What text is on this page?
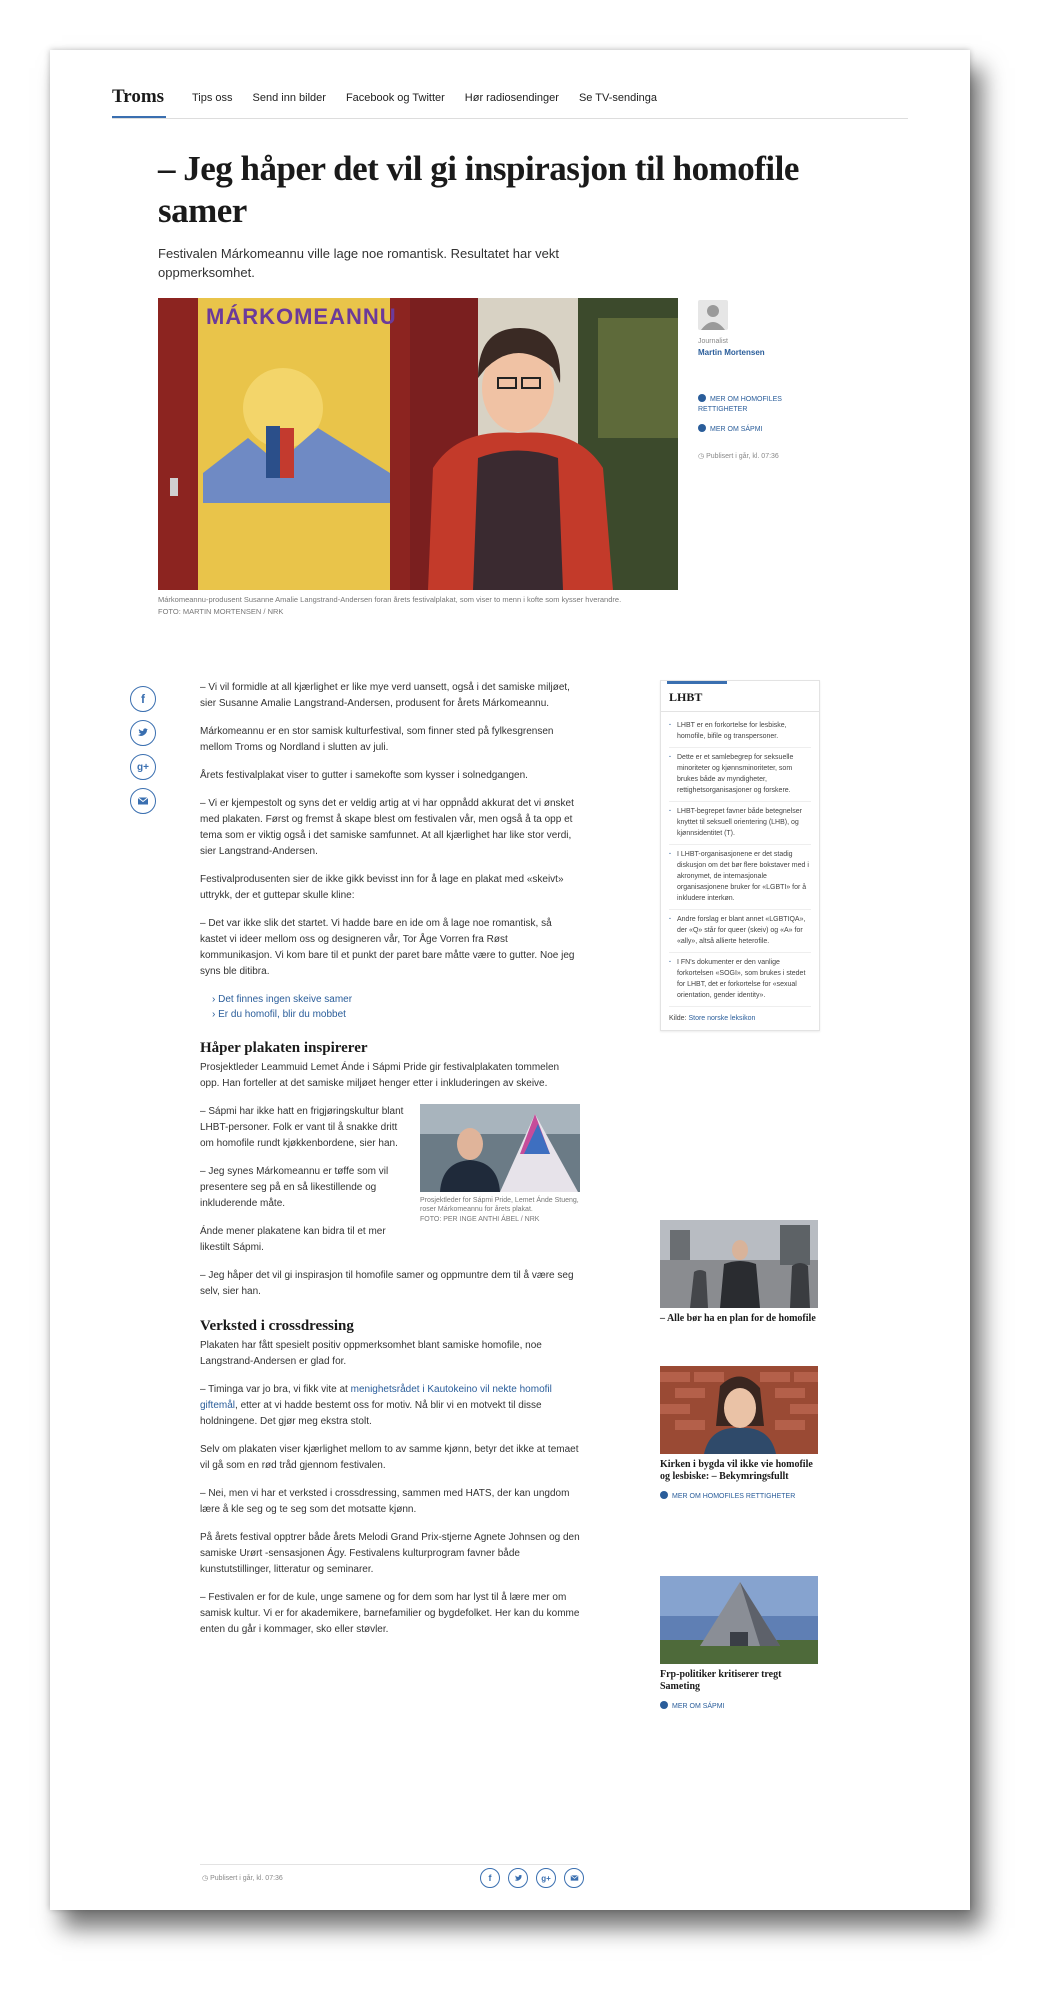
Troms	Tips oss Send inn bilder Facebook og Twitter Hør radiosendinger Se TV-sendinga
– Jeg håper det vil gi inspirasjon til homofile samer
Festivalen Márkomeannu ville lage noe romantisk. Resultatet har vekt oppmerksomhet.
MÁRKOMEANNU
Márkomeannu-produsent Susanne Amalie Langstrand-Andersen foran årets festivalplakat, som viser to menn i kofte som kysser hverandre.
FOTO: MARTIN MORTENSEN / NRK
Journalist
Martin Mortensen
MER OM HOMOFILES RETTIGHETER
MER OM SÁPMI
◷ Publisert i går, kl. 07:36
f
g+

– Vi vil formidle at all kjærlighet er like mye verd uansett, også i det samiske miljøet, sier Susanne Amalie Langstrand-Andersen, produsent for årets Márkomeannu.

Márkomeannu er en stor samisk kulturfestival, som finner sted på fylkesgrensen mellom Troms og Nordland i slutten av juli.

Årets festivalplakat viser to gutter i samekofte som kysser i solnedgangen.

– Vi er kjempestolt og syns det er veldig artig at vi har oppnådd akkurat det vi ønsket med plakaten. Først og fremst å skape blest om festivalen vår, men også å ta opp et tema som er viktig også i det samiske samfunnet. At all kjærlighet har like stor verdi, sier Langstrand-Andersen.

Festivalprodusenten sier de ikke gikk bevisst inn for å lage en plakat med «skeivt» uttrykk, der et guttepar skulle kline:

– Det var ikke slik det startet. Vi hadde bare en ide om å lage noe romantisk, så kastet vi ideer mellom oss og designeren vår, Tor Åge Vorren fra Røst kommunikasjon. Vi kom bare til et punkt der paret bare måtte være to gutter. Noe jeg syns ble ditibra.

› Det finnes ingen skeive samer
› Er du homofil, blir du mobbet
Håper plakaten inspirerer

Prosjektleder Leammuid Lemet Ánde i Sápmi Pride gir festivalplakaten tommelen opp. Han forteller at det samiske miljøet henger etter i inkluderingen av skeive.

Prosjektleder for Sápmi Pride, Lemet Ánde Stueng, roser Márkomeannu for årets plakat.
FOTO: PER INGE ANTHI ÁBEL / NRK

– Sápmi har ikke hatt en frigjøringskultur blant LHBT-personer. Folk er vant til å snakke dritt om homofile rundt kjøkkenbordene, sier han.

– Jeg synes Márkomeannu er tøffe som vil presentere seg på en så likestillende og inkluderende måte.

Ánde mener plakatene kan bidra til et mer likestilt Sápmi.

– Jeg håper det vil gi inspirasjon til homofile samer og oppmuntre dem til å være seg selv, sier han.

Verksted i crossdressing

Plakaten har fått spesielt positiv oppmerksomhet blant samiske homofile, noe Langstrand-Andersen er glad for.

– Timinga var jo bra, vi fikk vite at menighetsrådet i Kautokeino vil nekte homofil giftemål, etter at vi hadde bestemt oss for motiv. Nå blir vi en motvekt til disse holdningene. Det gjør meg ekstra stolt.

Selv om plakaten viser kjærlighet mellom to av samme kjønn, betyr det ikke at temaet vil gå som en rød tråd gjennom festivalen.

– Nei, men vi har et verksted i crossdressing, sammen med HATS, der kan ungdom lære å kle seg og te seg som det motsatte kjønn.

På årets festival opptrer både årets Melodi Grand Prix-stjerne Agnete Johnsen og den samiske Urørt -sensasjonen Ágy. Festivalens kulturprogram favner både kunstutstillinger, litteratur og seminarer.

– Festivalen er for de kule, unge samene og for dem som har lyst til å lære mer om samisk kultur. Vi er for akademikere, barnefamilier og bygdefolket. Her kan du komme enten du går i kommager, sko eller støvler.

LHBT
· LHBT er en forkortelse for lesbiske, homofile, bifile og transpersoner.
· Dette er et samlebegrep for seksuelle minoriteter og kjønnsminoriteter, som brukes både av myndigheter, rettighetsorganisasjoner og forskere.
· LHBT-begrepet favner både betegnelser knyttet til seksuell orientering (LHB), og kjønnsidentitet (T).
· I LHBT-organisasjonene er det stadig diskusjon om det bør flere bokstaver med i akronymet, de internasjonale organisasjonene bruker for «LGBTI» for å inkludere interkøn.
· Andre forslag er blant annet «LGBTIQA», der «Q» står for queer (skeiv) og «A» for «ally», altså allierte heterofile.
· I FN's dokumenter er den vanlige forkortelsen «SOGI», som brukes i stedet for LHBT, det er forkortelse for «sexual orientation, gender identity».
Kilde: Store norske leksikon
– Alle bør ha en plan for de homofile
Kirken i bygda vil ikke vie homofile og lesbiske: – Bekymringsfullt
MER OM HOMOFILES RETTIGHETER
Frp-politiker kritiserer tregt Sameting
MER OM SÁPMI
◷ Publisert i går, kl. 07:36	f	g+
